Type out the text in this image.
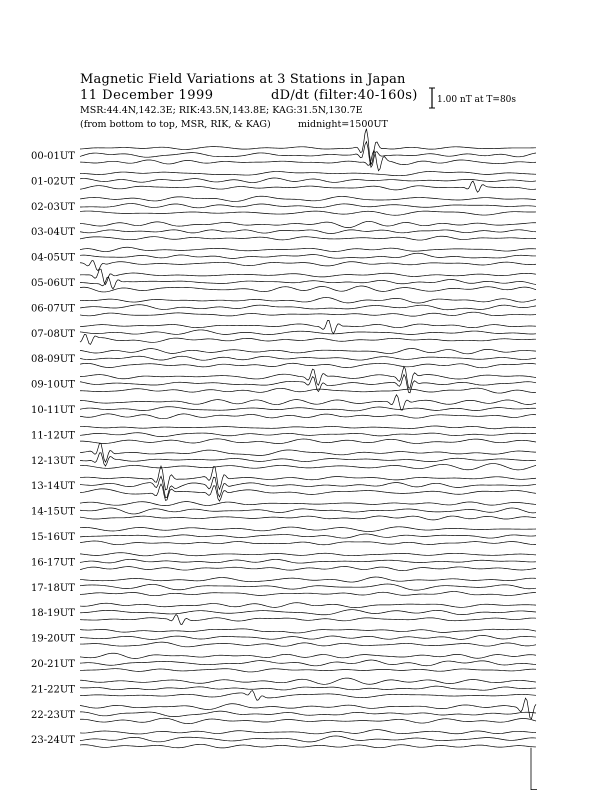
Magnetic Field Variations at 3 Stations in Japan
11 December 1999	dD/dt (filter:40-160s)
MSR:44.4N,142.3E; RIK:43.5N,143.8E; KAG:31.5N,130.7E
(from bottom to top, MSR, RIK, & KAG)	midnight=1500UT
1.00 nT at T=80s
00-01UT
01-02UT
02-03UT
03-04UT
04-05UT
05-06UT
06-07UT
07-08UT
08-09UT
09-10UT
10-11UT
11-12UT
12-13UT
13-14UT
14-15UT
15-16UT
16-17UT
17-18UT
18-19UT
19-20UT
20-21UT
21-22UT
22-23UT
23-24UT
